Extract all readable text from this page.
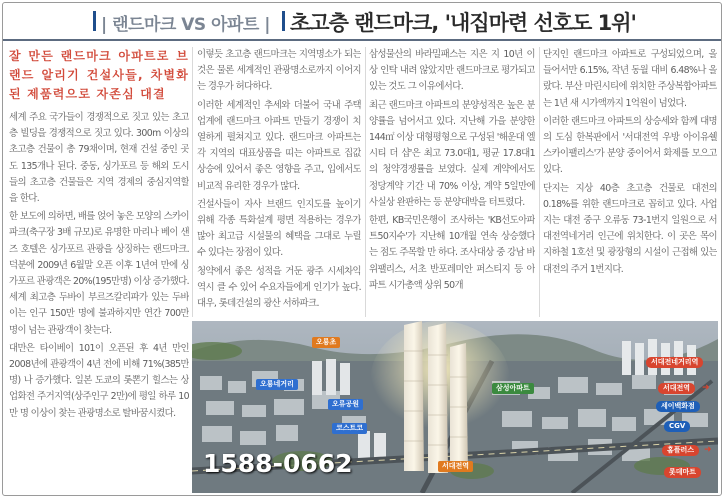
| 랜드마크 VS 아파트 | 초고층 랜드마크, '내집마련 선호도 1위'
잘 만든 랜드마크 아파트로 브랜드 알리기 건설사들, 차별화된 제품력으로 자존심 대결

세계 주요 국가들이 경쟁적으로 짓고 있는 초고층 빌딩을 경쟁적으로 짓고 있다. 300m 이상의 초고층 건물이 총 79채이며, 현재 건설 중인 곳도 135개나 된다. 중동, 싱가포르 등 해외 도시들의 초고층 건물들은 지역 경제의 중심지역할을 한다.

한 보도에 의하면, 배를 얹어 놓은 모양의 스카이파크(축구장 3배 규모)로 유명한 마리나 베이 샌즈 호텔은 싱가포르 관광을 상징하는 랜드마크. 덕분에 2009년 6월말 오픈 이후 1년여 만에 싱가포르 관광객은 20%(195만명) 이상 증가했다. 세계 최고층 두바이 부르즈칼리파가 있는 두바이는 인구 150만 명에 불과하지만 연간 700만 명이 넘는 관광객이 찾는다.

대만은 타이베이 101이 오픈된 후 4년 만인 2008년에 관광객이 4년 전에 비해 71%(385만 명) 나 증가했다. 일본 도쿄의 롯뽄기 힐스는 상업화전 주거지역(상주인구 2만)에 평일 하루 10만 명 이상이 찾는 관광명소로 탈바꿈시켰다.

이렇듯 초고층 랜드마크는 지역명소가 되는 것은 물론 세계적인 관광명소로까지 이어지는 경우가 허다하다.

이러한 세계적인 추세와 더불어 국내 주택업계에 랜드마크 아파트 만들기 경쟁이 치열하게 펼쳐지고 있다. 랜드마크 아파트는 각 지역의 대표상품을 띠는 아파트로 집값 상승에 있어서 좋은 영향을 주고, 입에서도 비교적 유리한 경우가 많다.

건설사들이 자사 브랜드 인지도를 높이기 위해 각종 특화설계 평면 적용하는 경우가 많아 최고급 시설물의 혜택을 그대로 누릴 수 있다는 장점이 있다.

청약에서 좋은 성적을 거둔 광주 시세차익 역시 클 수 있어 수요자들에게 인기가 높다. 대우, 롯데건설의 광산 서하파크.

삼성물산의 바라밀패스는 지은 지 10년 이상 인탁 내려 않았지만 랜드마크로 평가되고 있는 것도 그 이유에서다.

최근 랜드마크 아파트의 분양성적은 높은 분양률을 넘어서고 있다. 지난해 가을 분양한 144㎡ 이상 대형평형으로 구성된 '해운대 엘시티 더 샵'은 최고 73.0대1, 평균 17.8대1의 청약경쟁률을 보였다. 실제 계약에서도 정당계약 기간 내 70% 이상, 계약 5일만에 사실상 완판하는 등 분양대박을 터트렸다.

한편, KB국민은행이 조사하는 'KB선도아파트50지수'가 지난해 10개월 연속 상승했다는 점도 주목할 만 하다. 조사대상 중 강남 바위팰리스, 서초 반포레미안 퍼스티지 등 아파트 시가총액 상위 50개

단지인 랜드마크 아파트로 구성되었으며, 올 들어서만 6.15%, 작년 동월 대비 6.48%나 올랐다. 부산 마린시티에 위치한 주상복합아파트는 1년 새 시가액까지 1억원이 넘었다.

이러한 랜드마크 아파트의 상승세와 함께 대명의 도심 한복판에서 '서대전역 우방 아이유쉘 스카이팰리스'가 분양 중이어서 화제를 모으고 있다.

단지는 지상 40층 초고층 건물로 대전의 0.18%를 위한 랜드마크로 꼽히고 있다. 사업지는 대전 중구 오류동 73-1번지 일원으로 서대전역네거리 인근에 위치한다. 이 곳은 목이 지하철 1호선 및 광장형의 시설이 근접해 있는 대전의 주거 1번지다.

오룡초
오룡네거리
오류공원
코스트코
삼성아파트
서대전역
서대전네거리역
서대전역
세이백화점
CGV
홈플러스
롯데마트
➜
➜
1588-0662
